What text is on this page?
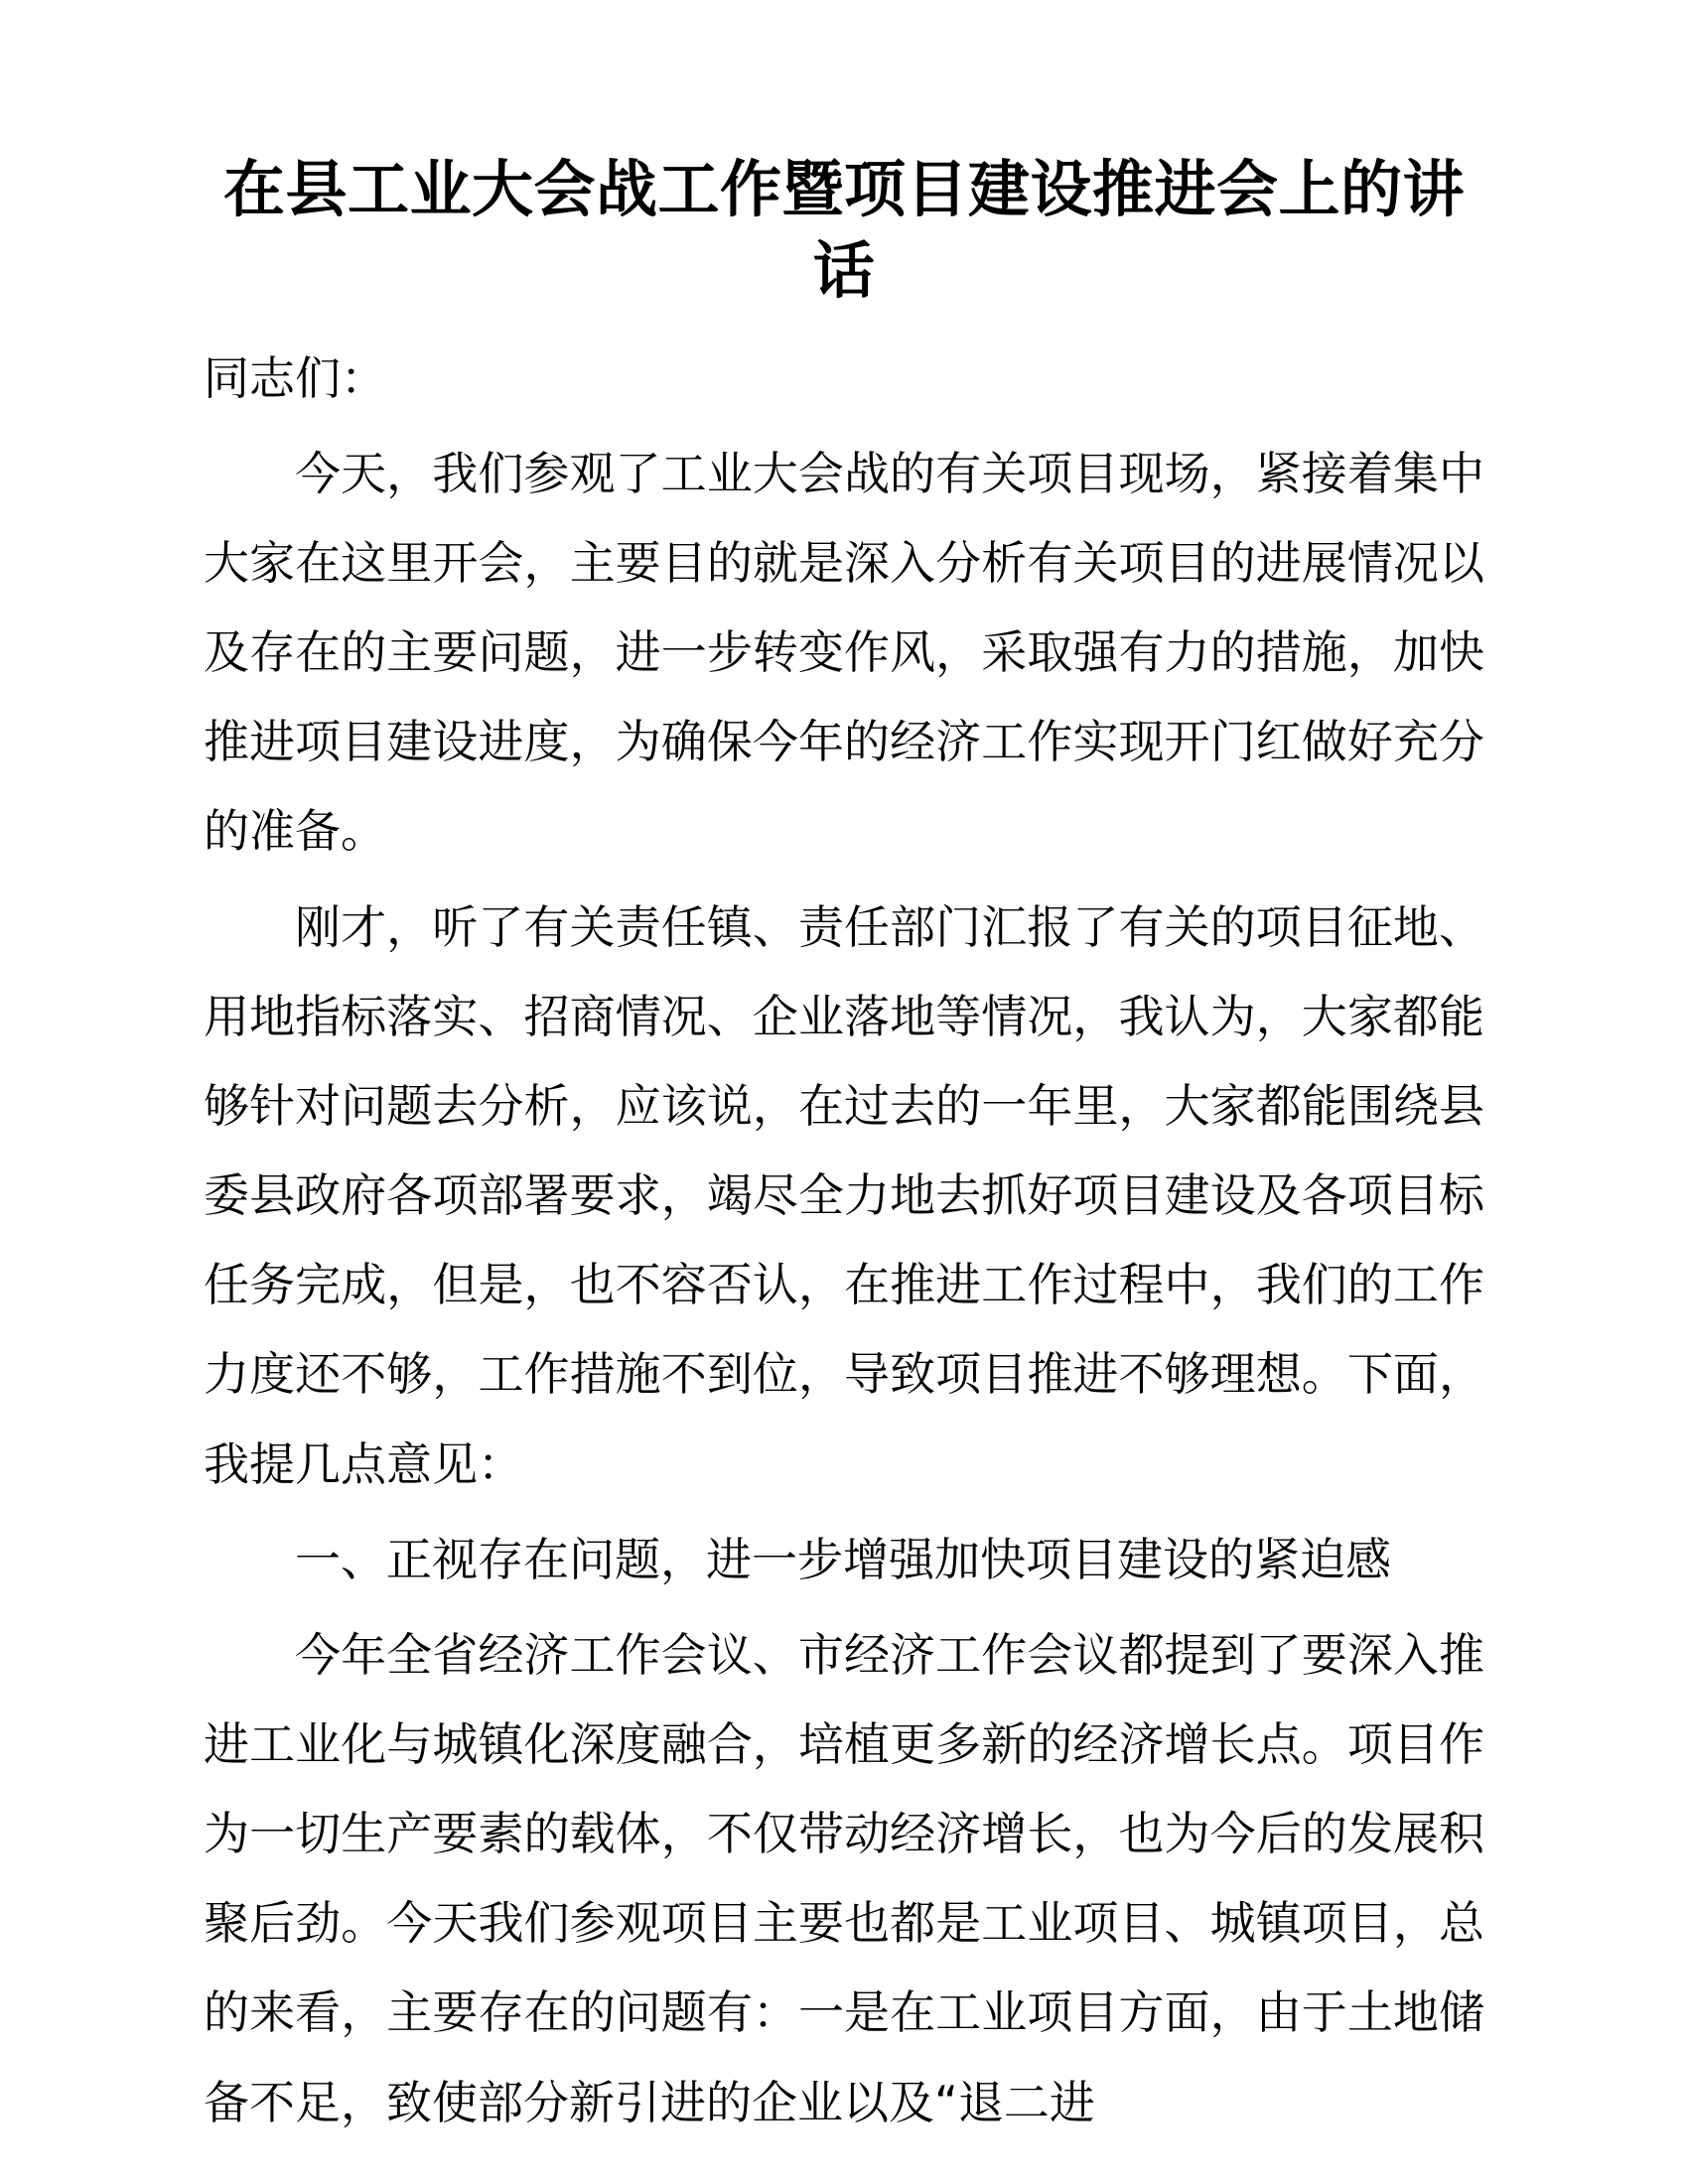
在县工业大会战工作暨项目建设推进会上的讲话

同志们：

今天，我们参观了工业大会战的有关项目现场，紧接着集中大家在这里开会，主要目的就是深入分析有关项目的进展情况以及存在的主要问题，进一步转变作风，采取强有力的措施，加快推进项目建设进度，为确保今年的经济工作实现开门红做好充分的准备。

刚才，听了有关责任镇、责任部门汇报了有关的项目征地、用地指标落实、招商情况、企业落地等情况，我认为，大家都能够针对问题去分析，应该说，在过去的一年里，大家都能围绕县委县政府各项部署要求，竭尽全力地去抓好项目建设及各项目标任务完成，但是，也不容否认，在推进工作过程中，我们的工作力度还不够，工作措施不到位，导致项目推进不够理想。下面，我提几点意见：

一、正视存在问题，进一步增强加快项目建设的紧迫感

今年全省经济工作会议、市经济工作会议都提到了要深入推进工业化与城镇化深度融合，培植更多新的经济增长点。项目作为一切生产要素的载体，不仅带动经济增长，也为今后的发展积聚后劲。今天我们参观项目主要也都是工业项目、城镇项目，总的来看，主要存在的问题有：一是在工业项目方面，由于土地储备不足，致使部分新引进的企业以及“退二进
